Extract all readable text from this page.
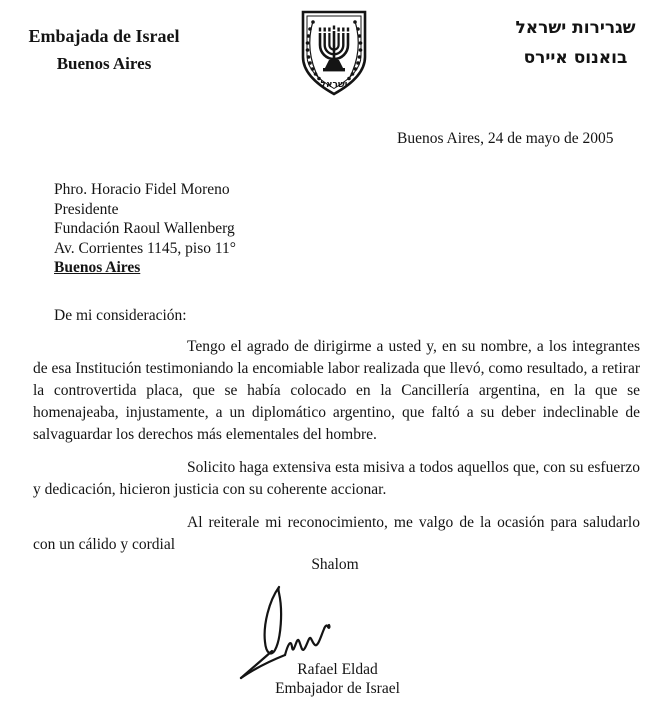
Embajada de Israel
Buenos Aires
ישראל
שגרירות ישראל
בואנוס איירס
Buenos Aires, 24 de mayo de 2005
Phro. Horacio Fidel Moreno
Presidente
Fundación Raoul Wallenberg
Av. Corrientes 1145, piso 11°
Buenos Aires
De mi consideración:

Tengo el agrado de dirigirme a usted y, en su nombre, a los integrantes de esa Institución testimoniando la encomiable labor realizada que llevó, como resultado, a retirar la controvertida placa, que se había colocado en la Cancillería argentina, en la que se homenajeaba, injustamente, a un diplomático argentino, que faltó a su deber indeclinable de salvaguardar los derechos más elementales del hombre.

Solicito haga extensiva esta misiva a todos aquellos que, con su esfuerzo y dedicación, hicieron justicia con su coherente accionar.

Al reiterale mi reconocimiento, me valgo de la ocasión para saludarlo con un cálido y cordial

Shalom
Rafael Eldad
Embajador de Israel
